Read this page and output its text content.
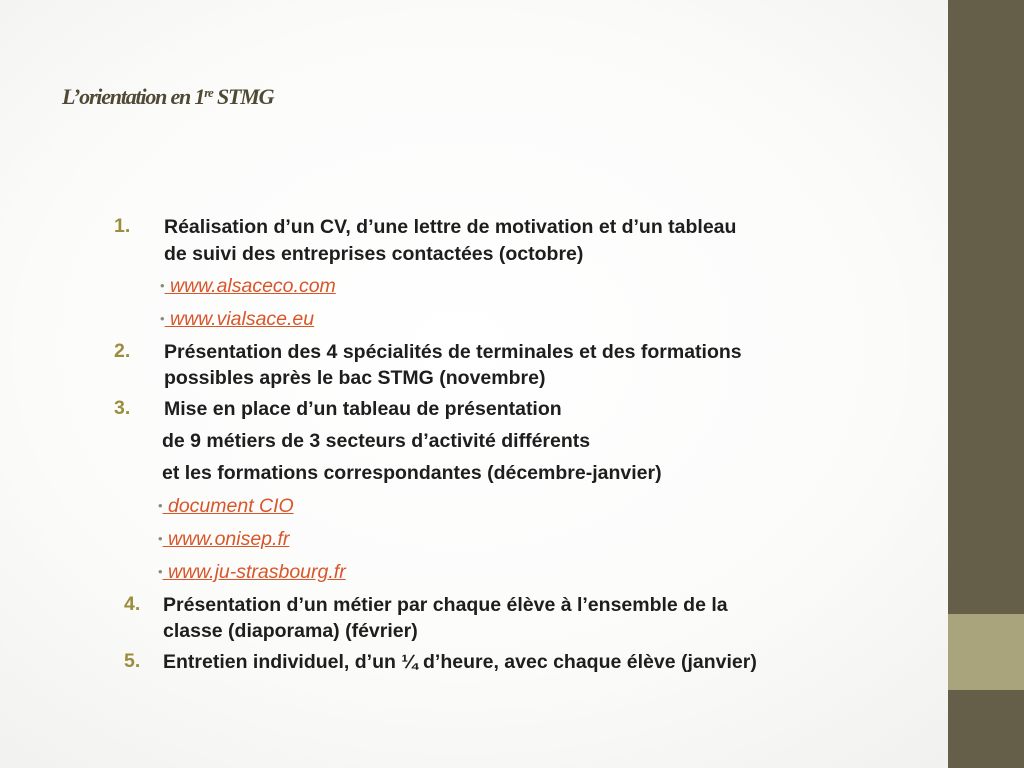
L’orientation en 1re STMG
1. Réalisation d’un CV, d’une lettre de motivation et d’un tableau
de suivi des entreprises contactées (octobre)
• www.alsaceco.com
• www.vialsace.eu
2. Présentation des 4 spécialités de terminales et des formations
possibles après le bac STMG (novembre)
3. Mise en place d’un tableau de présentation
de 9 métiers de 3 secteurs d’activité différents
et les formations correspondantes (décembre-janvier)
• document CIO
• www.onisep.fr
• www.ju-strasbourg.fr
4. Présentation d’un métier par chaque élève à l’ensemble de la
classe (diaporama) (février)
5. Entretien individuel, d’un ¼ d’heure, avec chaque élève (janvier)
